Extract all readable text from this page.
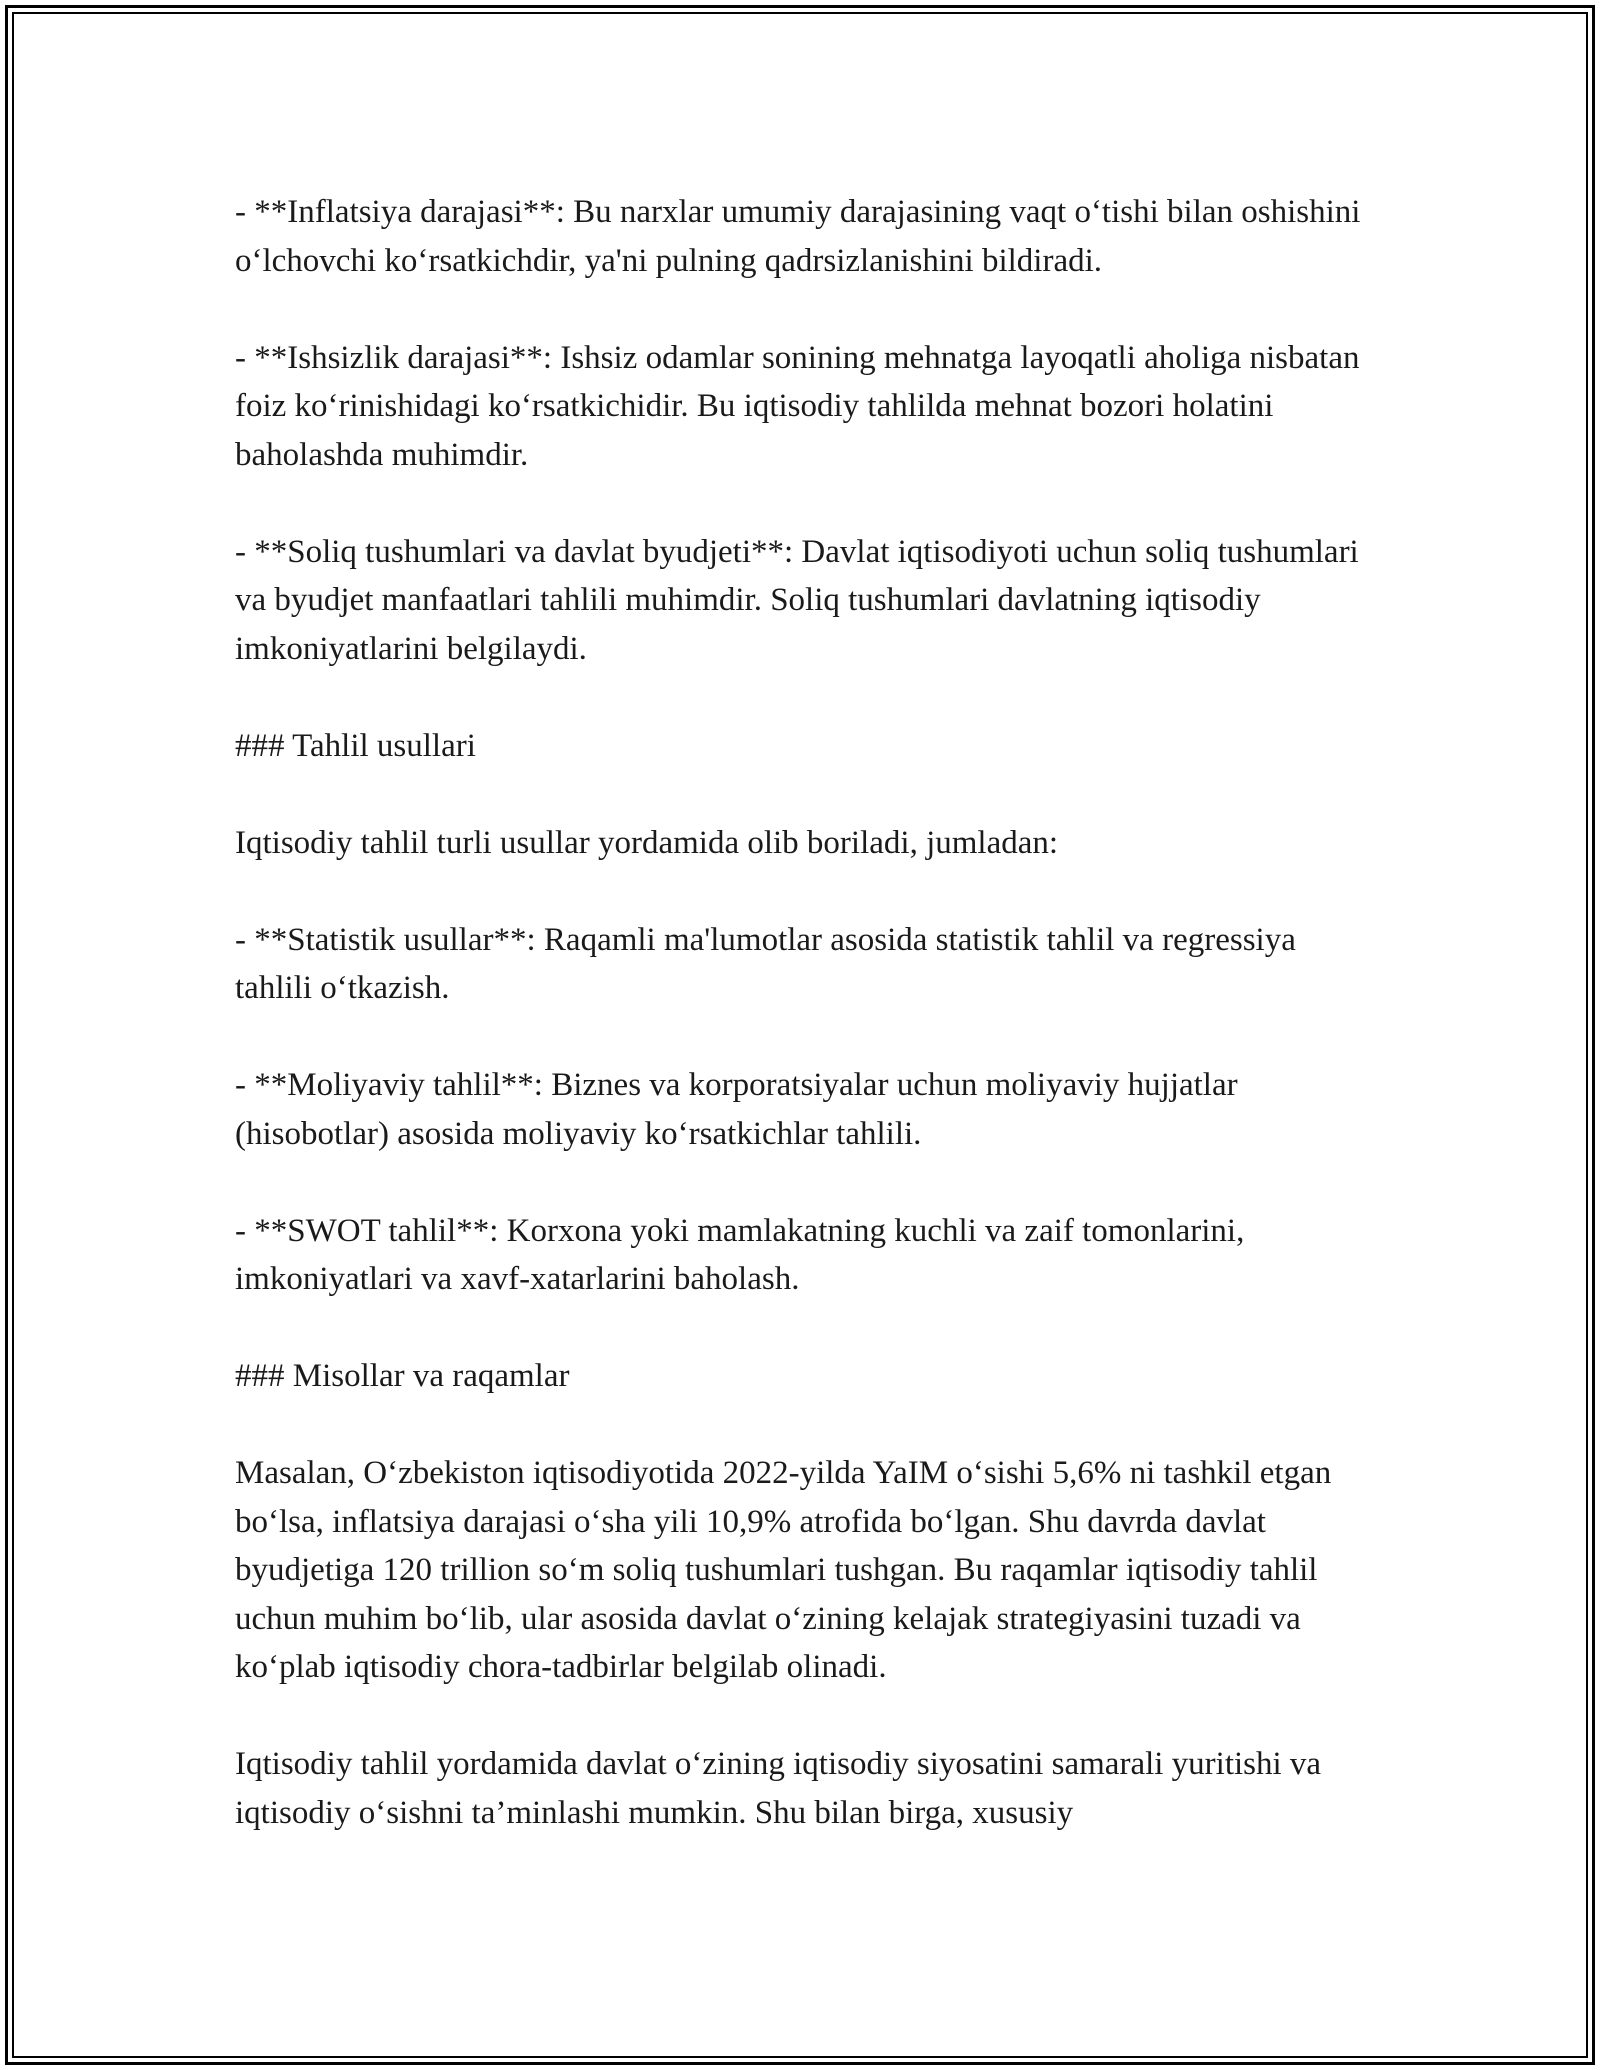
- **Inflatsiya darajasi**: Bu narxlar umumiy darajasining vaqt o‘tishi bilan oshishini o‘lchovchi ko‘rsatkichdir, ya'ni pulning qadrsizlanishini bildiradi.

- **Ishsizlik darajasi**: Ishsiz odamlar sonining mehnatga layoqatli aholiga nisbatan foiz ko‘rinishidagi ko‘rsatkichidir. Bu iqtisodiy tahlilda mehnat bozori holatini baholashda muhimdir.

- **Soliq tushumlari va davlat byudjeti**: Davlat iqtisodiyoti uchun soliq tushumlari va byudjet manfaatlari tahlili muhimdir. Soliq tushumlari davlatning iqtisodiy imkoniyatlarini belgilaydi.

### Tahlil usullari

Iqtisodiy tahlil turli usullar yordamida olib boriladi, jumladan:

- **Statistik usullar**: Raqamli ma'lumotlar asosida statistik tahlil va regressiya tahlili o‘tkazish.

- **Moliyaviy tahlil**: Biznes va korporatsiyalar uchun moliyaviy hujjatlar (hisobotlar) asosida moliyaviy ko‘rsatkichlar tahlili.

- **SWOT tahlil**: Korxona yoki mamlakatning kuchli va zaif tomonlarini, imkoniyatlari va xavf-xatarlarini baholash.

### Misollar va raqamlar

Masalan, O‘zbekiston iqtisodiyotida 2022-yilda YaIM o‘sishi 5,6% ni tashkil etgan bo‘lsa, inflatsiya darajasi o‘sha yili 10,9% atrofida bo‘lgan. Shu davrda davlat byudjetiga 120 trillion so‘m soliq tushumlari tushgan. Bu raqamlar iqtisodiy tahlil uchun muhim bo‘lib, ular asosida davlat o‘zining kelajak strategiyasini tuzadi va ko‘plab iqtisodiy chora-tadbirlar belgilab olinadi.

Iqtisodiy tahlil yordamida davlat o‘zining iqtisodiy siyosatini samarali yuritishi va iqtisodiy o‘sishni ta’minlashi mumkin. Shu bilan birga, xususiy
